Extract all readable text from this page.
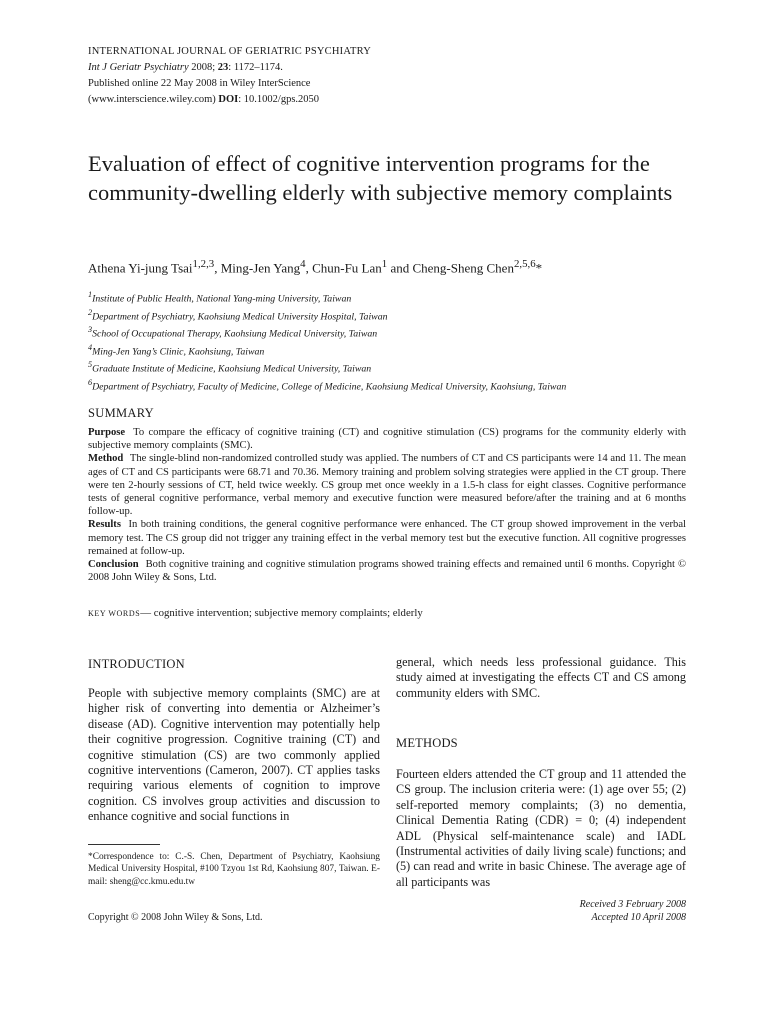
INTERNATIONAL JOURNAL OF GERIATRIC PSYCHIATRY
Int J Geriatr Psychiatry 2008; 23: 1172–1174.
Published online 22 May 2008 in Wiley InterScience
(www.interscience.wiley.com) DOI: 10.1002/gps.2050
Evaluation of effect of cognitive intervention programs for the community-dwelling elderly with subjective memory complaints
Athena Yi-jung Tsai$^{1,2,3}$, Ming-Jen Yang$^4$, Chun-Fu Lan$^1$ and Cheng-Sheng Chen$^{2,5,6}$*
$^1$Institute of Public Health, National Yang-ming University, Taiwan
$^2$Department of Psychiatry, Kaohsiung Medical University Hospital, Taiwan
$^3$School of Occupational Therapy, Kaohsiung Medical University, Taiwan
$^4$Ming-Jen Yang’s Clinic, Kaohsiung, Taiwan
$^5$Graduate Institute of Medicine, Kaohsiung Medical University, Taiwan
$^6$Department of Psychiatry, Faculty of Medicine, College of Medicine, Kaohsiung Medical University, Kaohsiung, Taiwan
SUMMARY

Purpose To compare the efficacy of cognitive training (CT) and cognitive stimulation (CS) programs for the community elderly with subjective memory complaints (SMC).

Method The single-blind non-randomized controlled study was applied. The numbers of CT and CS participants were 14 and 11. The mean ages of CT and CS participants were 68.71 and 70.36. Memory training and problem solving strategies were applied in the CT group. There were ten 2-hourly sessions of CT, held twice weekly. CS group met once weekly in a 1.5-h class for eight classes. Cognitive performance tests of general cognitive performance, verbal memory and executive function were measured before/after the training and at 6 months follow-up.

Results In both training conditions, the general cognitive performance were enhanced. The CT group showed improvement in the verbal memory test. The CS group did not trigger any training effect in the verbal memory test but the executive function. All cognitive progresses remained at follow-up.

Conclusion Both cognitive training and cognitive stimulation programs showed training effects and remained until 6 months. Copyright © 2008 John Wiley & Sons, Ltd.

KEY WORDS— cognitive intervention; subjective memory complaints; elderly
INTRODUCTION
People with subjective memory complaints (SMC) are at higher risk of converting into dementia or Alzheimer’s disease (AD). Cognitive intervention may potentially help their cognitive progression. Cognitive training (CT) and cognitive stimulation (CS) are two commonly applied cognitive interventions (Cameron, 2007). CT applies tasks requiring various elements of cognition to improve cognition. CS involves group activities and discussion to enhance cognitive and social functions in
*Correspondence to: C.-S. Chen, Department of Psychiatry, Kaohsiung Medical University Hospital, #100 Tzyou 1st Rd, Kaohsiung 807, Taiwan. E-mail: sheng@cc.kmu.edu.tw
Copyright © 2008 John Wiley & Sons, Ltd.
general, which needs less professional guidance. This study aimed at investigating the effects CT and CS among community elders with SMC.
METHODS
Fourteen elders attended the CT group and 11 attended the CS group. The inclusion criteria were: (1) age over 55; (2) self-reported memory complaints; (3) no dementia, Clinical Dementia Rating (CDR) = 0; (4) independent ADL (Physical self-maintenance scale) and IADL (Instrumental activities of daily living scale) functions; and (5) can read and write in basic Chinese. The average age of all participants was
Received 3 February 2008
Accepted 10 April 2008
